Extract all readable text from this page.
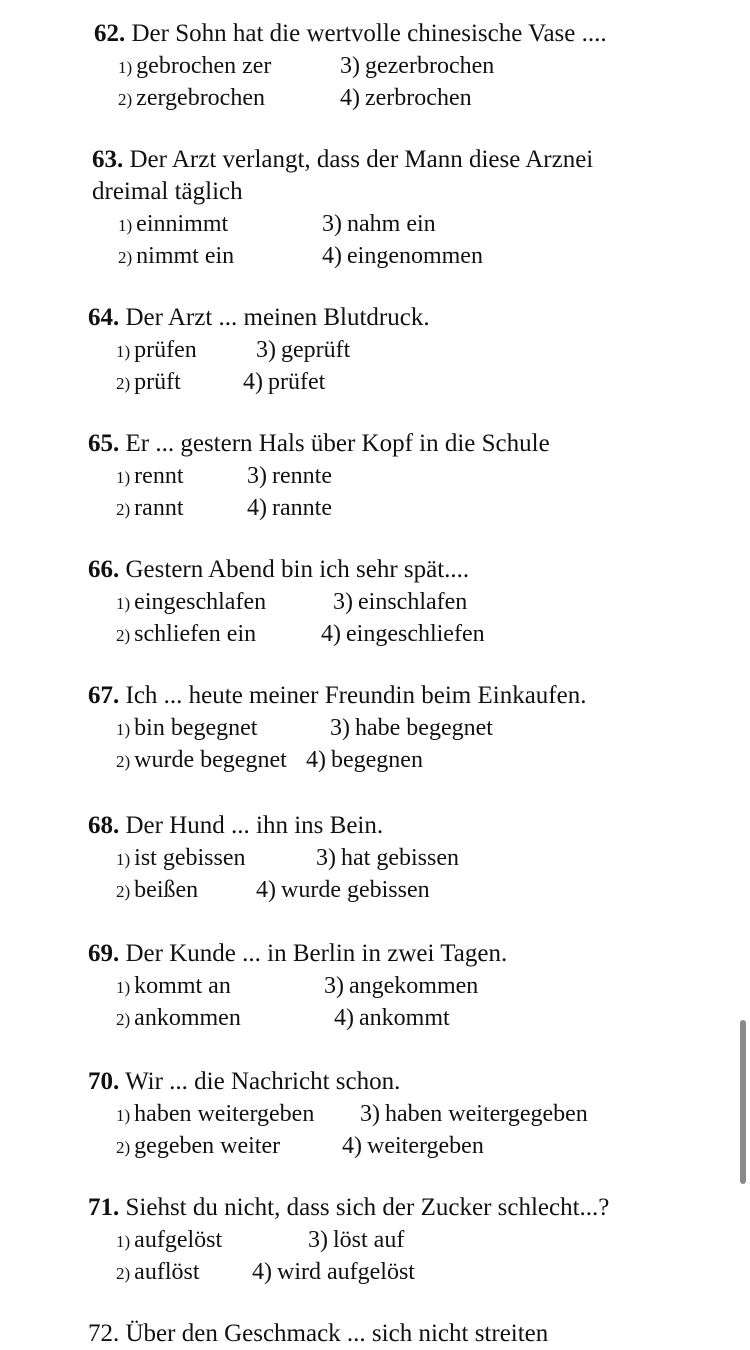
62. Der Sohn hat die wertvolle chinesische Vase ....
1) gebrochen zer	3) gezerbrochen
2) zergebrochen	4) zerbrochen
63. Der Arzt verlangt, dass der Mann diese Arznei
dreimal täglich
1) einnimmt	3) nahm ein
2) nimmt ein	4) eingenommen
64. Der Arzt ... meinen Blutdruck.
1) prüfen 3) geprüft
2) prüft	4) prüfet
65. Er ... gestern Hals über Kopf in die Schule
1) rennt	3) rennte
2) rannt	4) rannte
66. Gestern Abend bin ich sehr spät....
1) eingeschlafen	3) einschlafen
2) schliefen ein	4) eingeschliefen
67. Ich ... heute meiner Freundin beim Einkaufen.
1) bin begegnet	3) habe begegnet
2) wurde begegnet 4) begegnen
68. Der Hund ... ihn ins Bein.
1) ist gebissen	3) hat gebissen
2) beißen 4) wurde gebissen
69. Der Kunde ... in Berlin in zwei Tagen.
1) kommt an	3) angekommen
2) ankommen	4) ankommt
70. Wir ... die Nachricht schon.
1) haben weitergeben 3) haben weitergegeben
2) gegeben weiter	4) weitergeben
71. Siehst du nicht, dass sich der Zucker schlecht...?
1) aufgelöst	3) löst auf
2) auflöst 4) wird aufgelöst
72. Über den Geschmack ... sich nicht streiten
